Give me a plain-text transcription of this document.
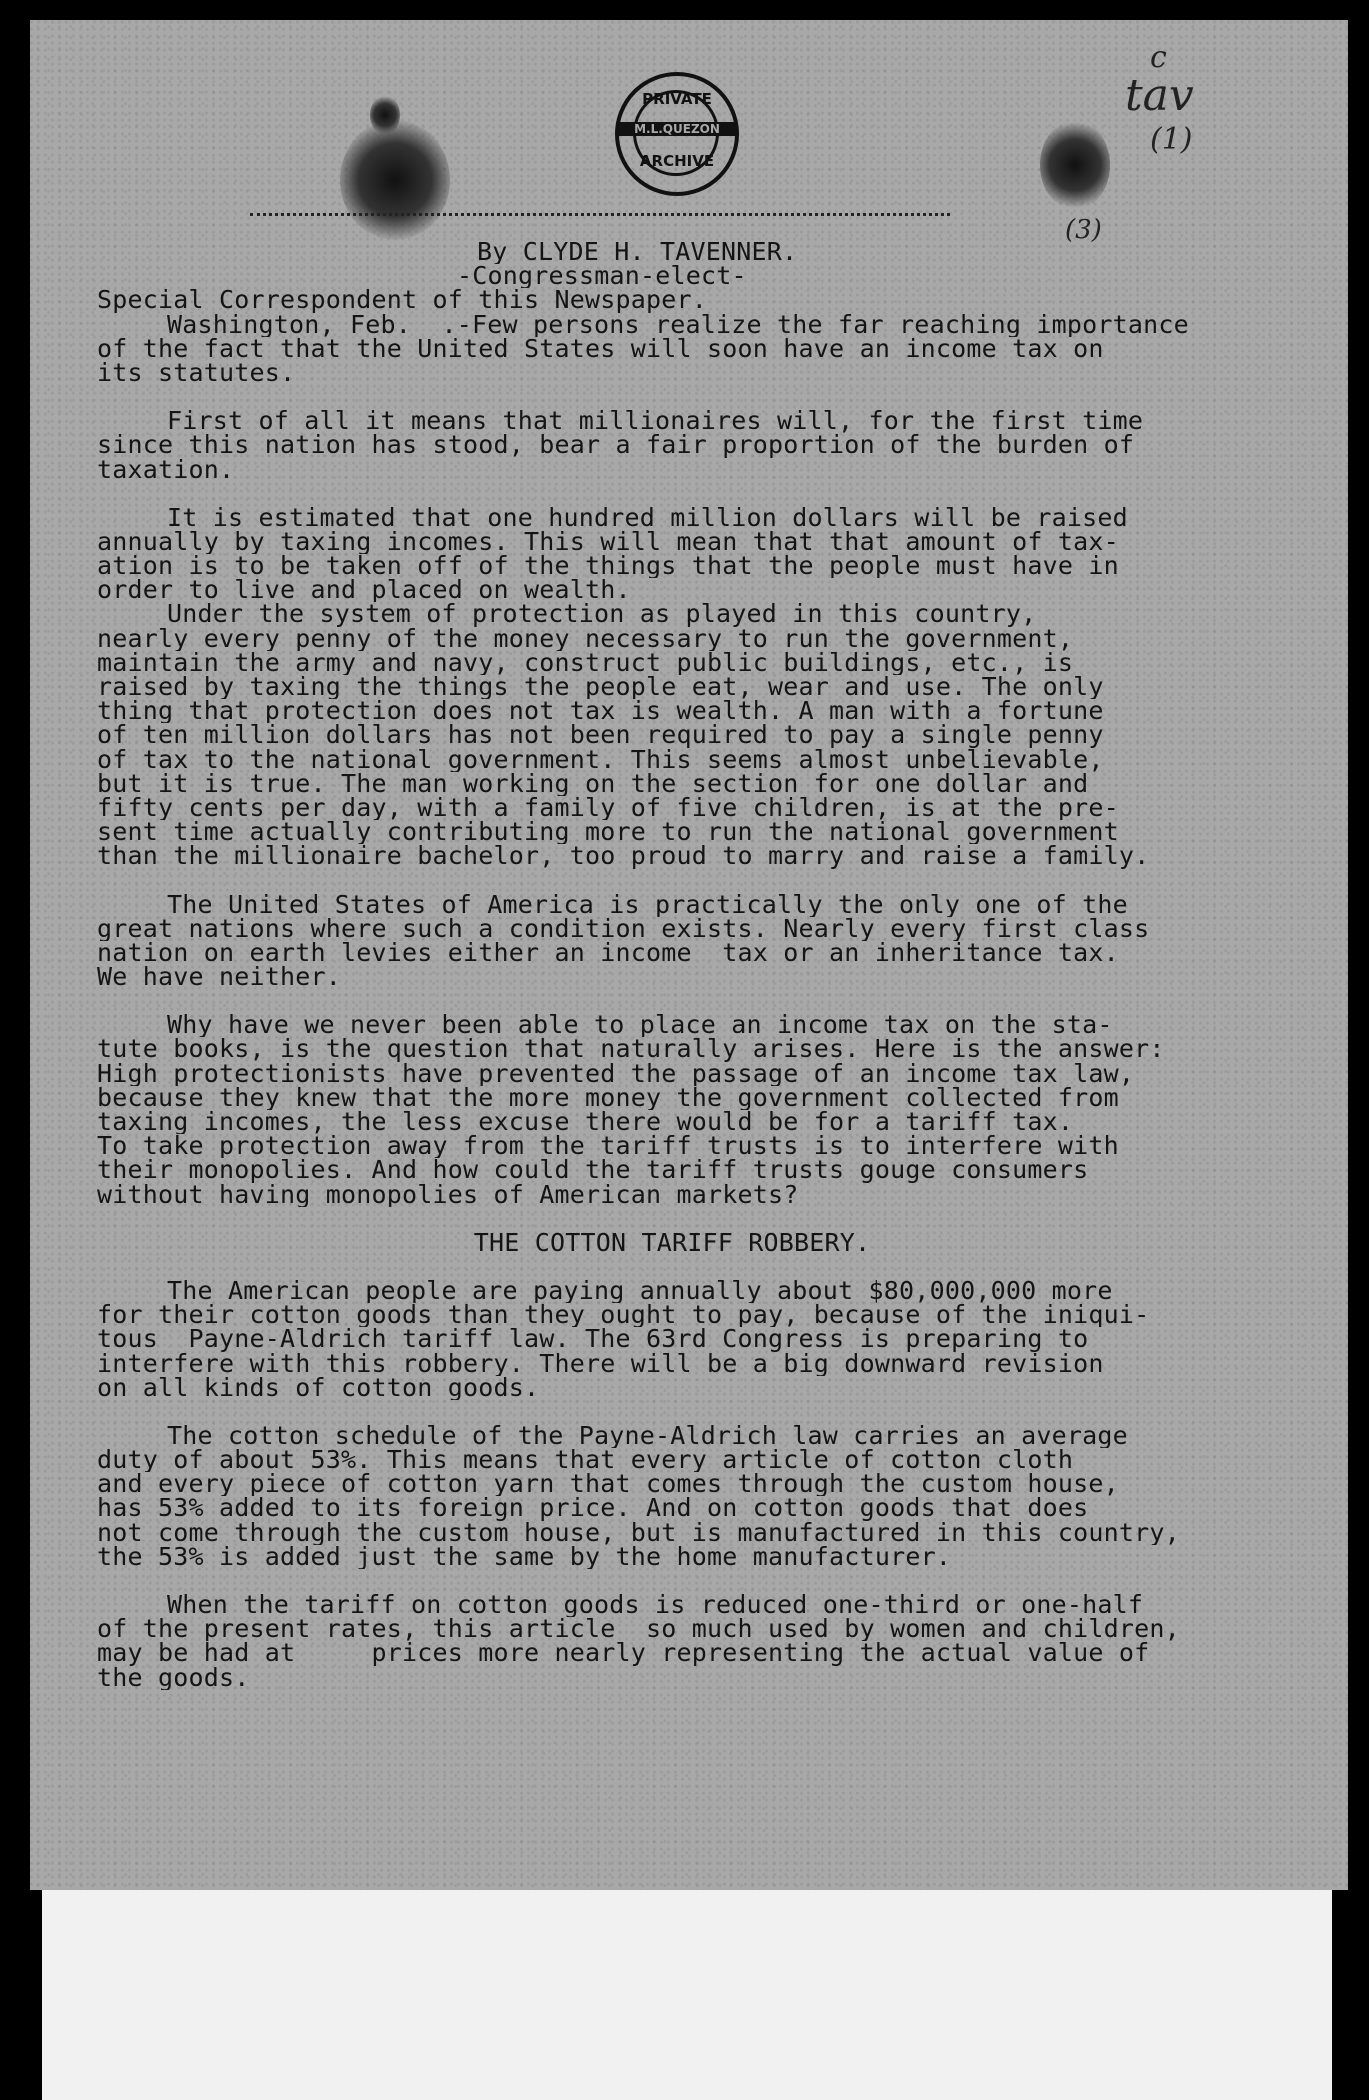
PRIVATE
M.L.QUEZON
ARCHIVE
c
tav
(1)
(3)
By CLYDE H. TAVENNER.
-Congressman-elect-
Special Correspondent of this Newspaper.
Washington, Feb.  .-Few persons realize the far reaching importance
of the fact that the United States will soon have an income tax on
its statutes.
First of all it means that millionaires will, for the first time
since this nation has stood, bear a fair proportion of the burden of
taxation.
It is estimated that one hundred million dollars will be raised
annually by taxing incomes. This will mean that that amount of tax-
ation is to be taken off of the things that the people must have in
order to live and placed on wealth.
Under the system of protection as played in this country,
nearly every penny of the money necessary to run the government,
maintain the army and navy, construct public buildings, etc., is
raised by taxing the things the people eat, wear and use. The only
thing that protection does not tax is wealth. A man with a fortune
of ten million dollars has not been required to pay a single penny
of tax to the national government. This seems almost unbelievable,
but it is true. The man working on the section for one dollar and
fifty cents per day, with a family of five children, is at the pre-
sent time actually contributing more to run the national government
than the millionaire bachelor, too proud to marry and raise a family.
The United States of America is practically the only one of the
great nations where such a condition exists. Nearly every first class
nation on earth levies either an income  tax or an inheritance tax.
We have neither.
Why have we never been able to place an income tax on the sta-
tute books, is the question that naturally arises. Here is the answer:
High protectionists have prevented the passage of an income tax law,
because they knew that the more money the government collected from
taxing incomes, the less excuse there would be for a tariff tax.
To take protection away from the tariff trusts is to interfere with
their monopolies. And how could the tariff trusts gouge consumers
without having monopolies of American markets?
THE COTTON TARIFF ROBBERY.
The American people are paying annually about $80,000,000 more
for their cotton goods than they ought to pay, because of the iniqui-
tous  Payne-Aldrich tariff law. The 63rd Congress is preparing to
interfere with this robbery. There will be a big downward revision
on all kinds of cotton goods.
The cotton schedule of the Payne-Aldrich law carries an average
duty of about 53%. This means that every article of cotton cloth
and every piece of cotton yarn that comes through the custom house,
has 53% added to its foreign price. And on cotton goods that does
not come through the custom house, but is manufactured in this country,
the 53% is added just the same by the home manufacturer.
When the tariff on cotton goods is reduced one-third or one-half
of the present rates, this article  so much used by women and children,
may be had at     prices more nearly representing the actual value of
the goods.
